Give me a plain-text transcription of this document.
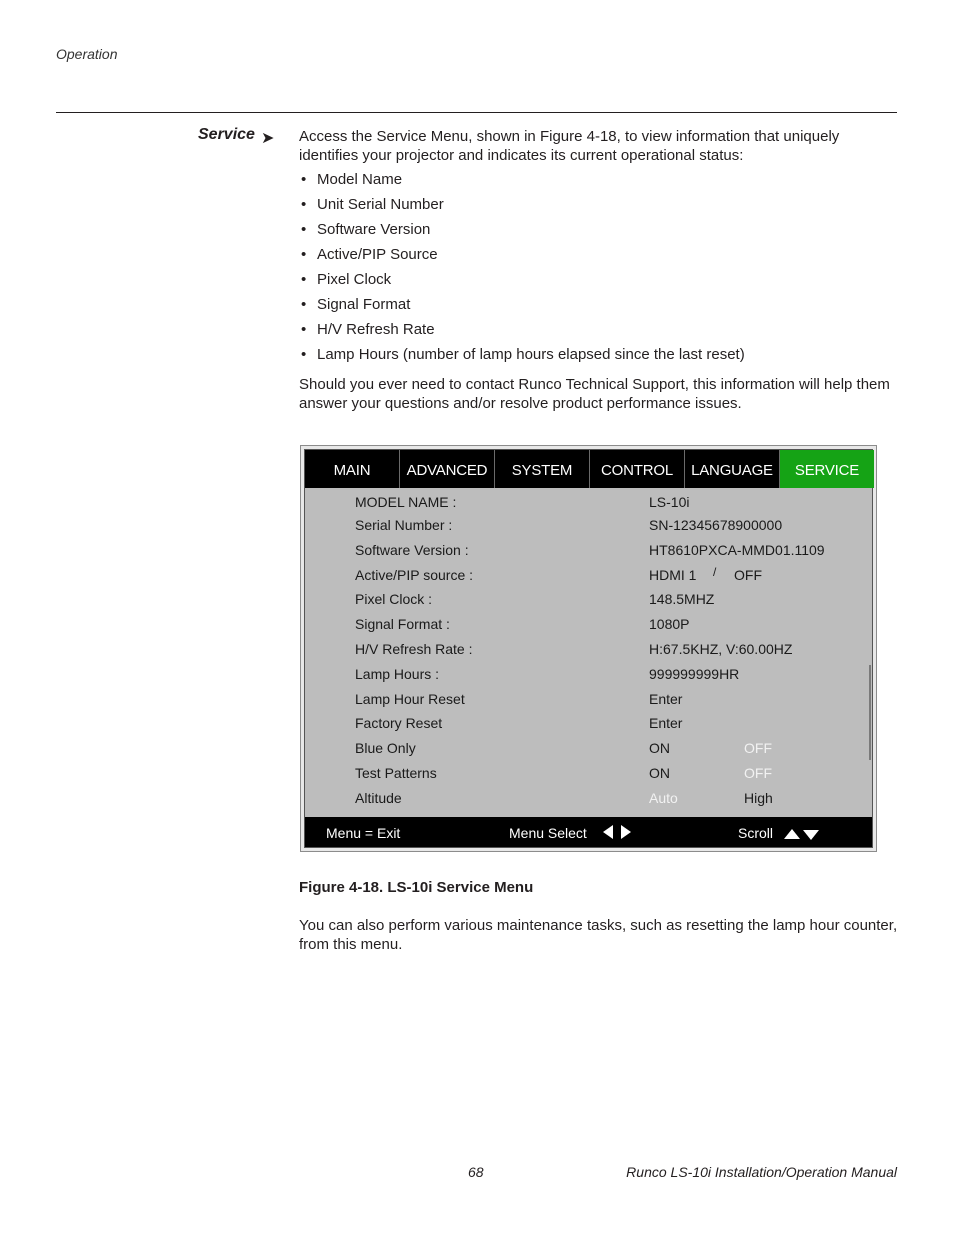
Operation
Service ➤ Access the Service Menu, shown in Figure 4-18, to view information that uniquely identifies your projector and indicates its current operational status:
• Model Name
• Unit Serial Number
• Software Version
• Active/PIP Source
• Pixel Clock
• Signal Format
• H/V Refresh Rate
• Lamp Hours (number of lamp hours elapsed since the last reset)
Should you ever need to contact Runco Technical Support, this information will help them answer your questions and/or resolve product performance issues.
MAIN	ADVANCED	SYSTEM	CONTROL	LANGUAGE	SERVICE
MODEL NAME :	LS-10i
Serial Number :	SN-12345678900000
Software Version :	HT8610PXCA-MMD01.1109
Active/PIP source :	HDMI 1 / OFF
Pixel Clock :	148.5MHZ
Signal Format :	1080P
H/V Refresh Rate :	H:67.5KHZ, V:60.00HZ
Lamp Hours :	999999999HR
Lamp Hour Reset	Enter
Factory Reset	Enter
Blue Only	ON	OFF
Test Patterns	ON	OFF
Altitude	Auto	High
Menu = Exit	Menu Select	Scroll
Figure 4-18. LS-10i Service Menu
You can also perform various maintenance tasks, such as resetting the lamp hour counter, from this menu.
68	Runco LS-10i Installation/Operation Manual
